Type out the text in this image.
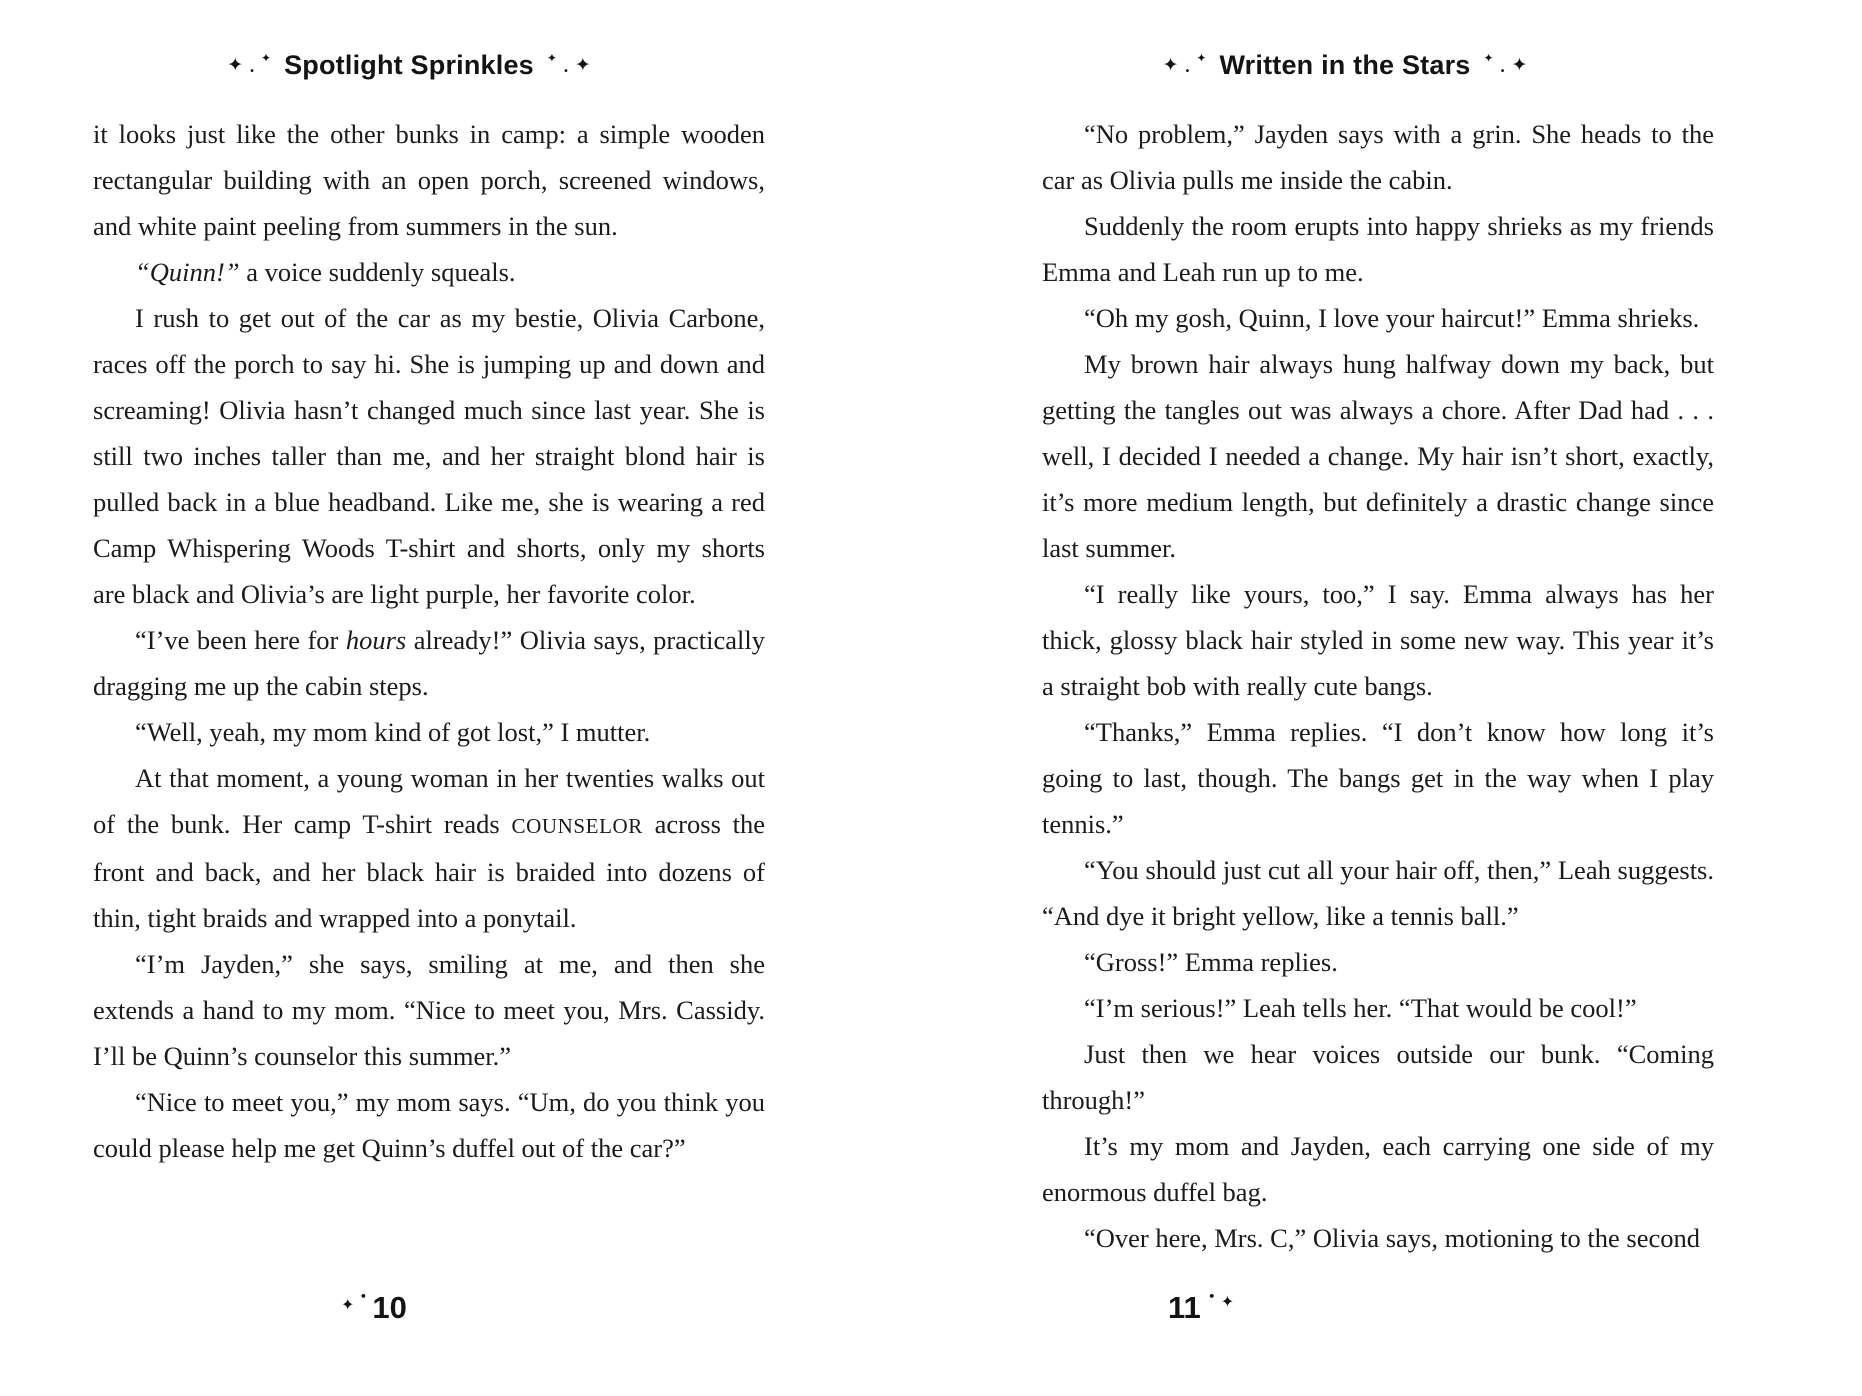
✦ •
✦ Spotlight Sprinkles ✦
• ✦	✦ •
✦ Written in the Stars ✦
• ✦

it looks just like the other bunks in camp: a simple wooden rectangular building with an open porch, screened windows, and white paint peeling from summers in the sun.

“Quinn!” a voice suddenly squeals.

I rush to get out of the car as my bestie, Olivia Carbone, races off the porch to say hi. She is jumping up and down and screaming! Olivia hasn’t changed much since last year. She is still two inches taller than me, and her straight blond hair is pulled back in a blue headband. Like me, she is wearing a red Camp Whispering Woods T-shirt and shorts, only my shorts are black and Olivia’s are light purple, her favorite color.

“I’ve been here for hours already!” Olivia says, practically dragging me up the cabin steps.

“Well, yeah, my mom kind of got lost,” I mutter.

At that moment, a young woman in her twenties walks out of the bunk. Her camp T-shirt reads COUNSELOR across the front and back, and her black hair is braided into dozens of thin, tight braids and wrapped into a ponytail.

“I’m Jayden,” she says, smiling at me, and then she extends a hand to my mom. “Nice to meet you, Mrs. Cassidy. I’ll be Quinn’s counselor this summer.”

“Nice to meet you,” my mom says. “Um, do you think you could please help me get Quinn’s duffel out of the car?”

“No problem,” Jayden says with a grin. She heads to the car as Olivia pulls me inside the cabin.

Suddenly the room erupts into happy shrieks as my friends Emma and Leah run up to me.

“Oh my gosh, Quinn, I love your haircut!” Emma shrieks.

My brown hair always hung halfway down my back, but getting the tangles out was always a chore. After Dad had . . . well, I decided I needed a change. My hair isn’t short, exactly, it’s more medium length, but definitely a drastic change since last summer.

“I really like yours, too,” I say. Emma always has her thick, glossy black hair styled in some new way. This year it’s a straight bob with really cute bangs.

“Thanks,” Emma replies. “I don’t know how long it’s going to last, though. The bangs get in the way when I play tennis.”

“You should just cut all your hair off, then,” Leah suggests. “And dye it bright yellow, like a tennis ball.”

“Gross!” Emma replies.

“I’m serious!” Leah tells her. “That would be cool!”

Just then we hear voices outside our bunk. “Coming through!”

It’s my mom and Jayden, each carrying one side of my enormous duffel bag.

“Over here, Mrs. C,” Olivia says, motioning to the second

✦ • 10	11 • ✦
